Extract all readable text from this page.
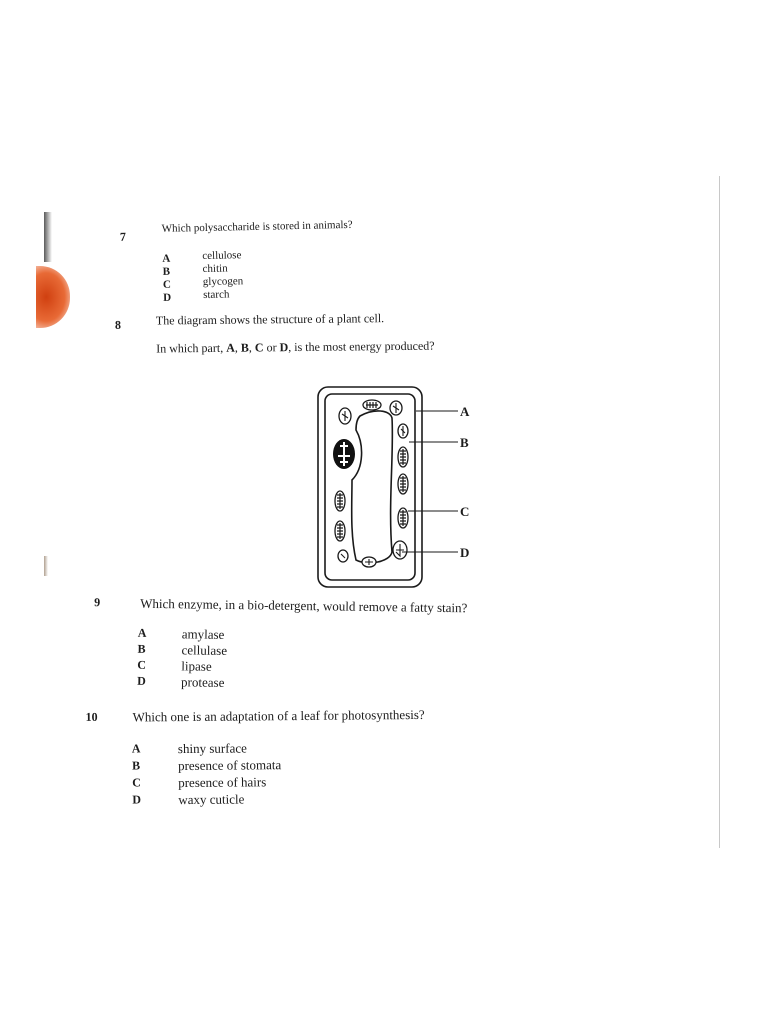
7
Which polysaccharide is stored in animals?
A	cellulose
B	chitin
C	glycogen
D	starch
8	The diagram shows the structure of a plant cell.
In which part, A, B, C or D, is the most energy produced?
A
B
C
D
9	Which enzyme, in a bio-detergent, would remove a fatty stain?
A	amylase
B	cellulase
C	lipase
D	protease
10	Which one is an adaptation of a leaf for photosynthesis?
A	shiny surface
B	presence of stomata
C	presence of hairs
D	waxy cuticle
